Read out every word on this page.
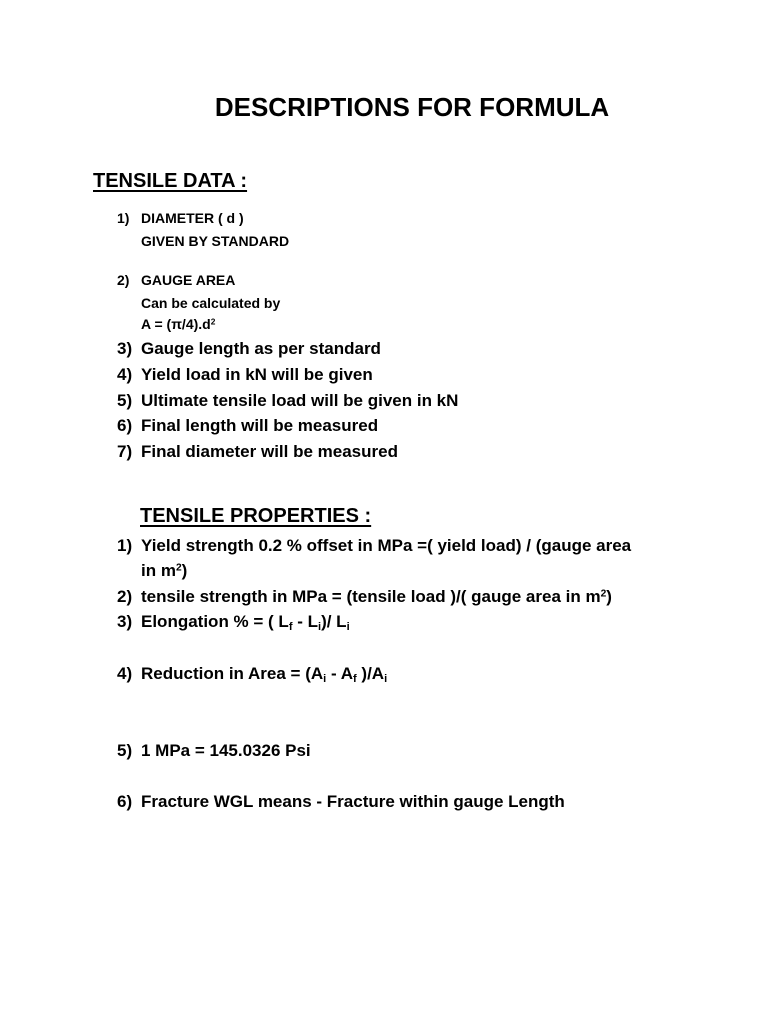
DESCRIPTIONS FOR FORMULA
TENSILE DATA :
1) DIAMETER ( d )
GIVEN BY STANDARD
2) GAUGE AREA
Can be calculated by
$A = (\pi/4).d^2$
3) Gauge length as per standard
4) Yield load in kN will be given
5) Ultimate tensile load will be given in kN
6) Final length will be measured
7) Final diameter will be measured
TENSILE PROPERTIES :
1) Yield strength 0.2 % offset in MPa =( yield load) / (gauge area
in $m^2$)
2) tensile strength in MPa = (tensile load )/( gauge area in $m^2$)
3) Elongation % = ( $L_f - L_i)/$ $L_i$
4) Reduction in Area = ($A_i - A_f$ )$/A_i$
5) 1 MPa = 145.0326 Psi
6) Fracture WGL means - Fracture within gauge Length
